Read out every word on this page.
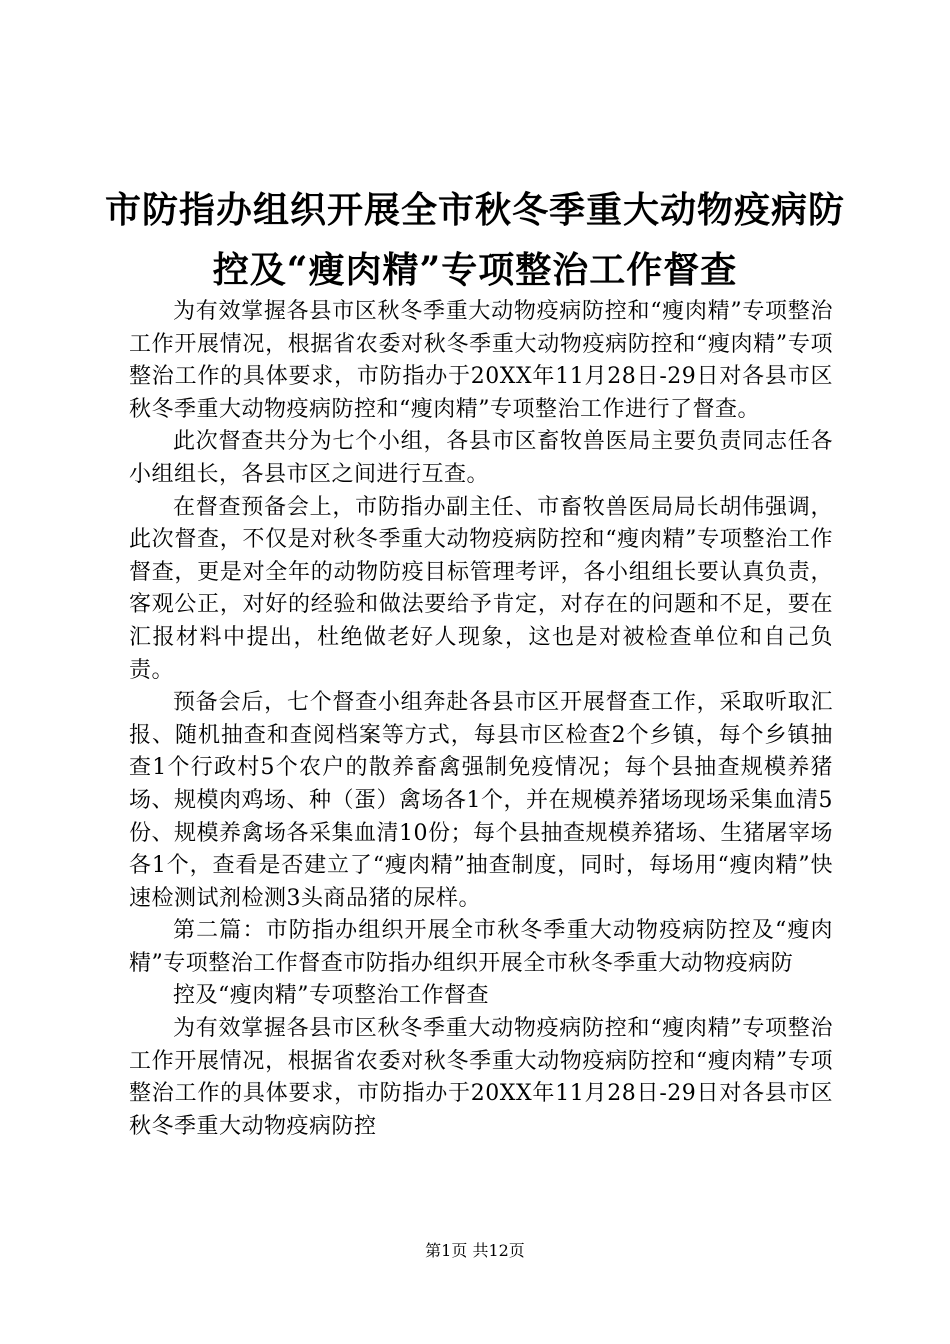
市防指办组织开展全市秋冬季重大动物疫病防
控及“瘦肉精”专项整治工作督查

为有效掌握各县市区秋冬季重大动物疫病防控和“瘦肉精”专项整治工作开展情况，根据省农委对秋冬季重大动物疫病防控和“瘦肉精”专项整治工作的具体要求，市防指办于20XX年11月28日-29日对各县市区秋冬季重大动物疫病防控和“瘦肉精”专项整治工作进行了督查。

此次督查共分为七个小组，各县市区畜牧兽医局主要负责同志任各小组组长，各县市区之间进行互查。

在督查预备会上，市防指办副主任、市畜牧兽医局局长胡伟强调，此次督查，不仅是对秋冬季重大动物疫病防控和“瘦肉精”专项整治工作督查，更是对全年的动物防疫目标管理考评，各小组组长要认真负责，客观公正，对好的经验和做法要给予肯定，对存在的问题和不足，要在汇报材料中提出，杜绝做老好人现象，这也是对被检查单位和自己负责。

预备会后，七个督查小组奔赴各县市区开展督查工作，采取听取汇报、随机抽查和查阅档案等方式，每县市区检查2个乡镇，每个乡镇抽查1个行政村5个农户的散养畜禽强制免疫情况；每个县抽查规模养猪场、规模肉鸡场、种（蛋）禽场各1个，并在规模养猪场现场采集血清5份、规模养禽场各采集血清10份；每个县抽查规模养猪场、生猪屠宰场各1个，查看是否建立了“瘦肉精”抽查制度，同时，每场用“瘦肉精”快速检测试剂检测3头商品猪的尿样。

第二篇：市防指办组织开展全市秋冬季重大动物疫病防控及“瘦肉精”专项整治工作督查市防指办组织开展全市秋冬季重大动物疫病防

控及“瘦肉精”专项整治工作督查

为有效掌握各县市区秋冬季重大动物疫病防控和“瘦肉精”专项整治工作开展情况，根据省农委对秋冬季重大动物疫病防控和“瘦肉精”专项整治工作的具体要求，市防指办于20XX年11月28日-29日对各县市区秋冬季重大动物疫病防控

第1页 共12页
